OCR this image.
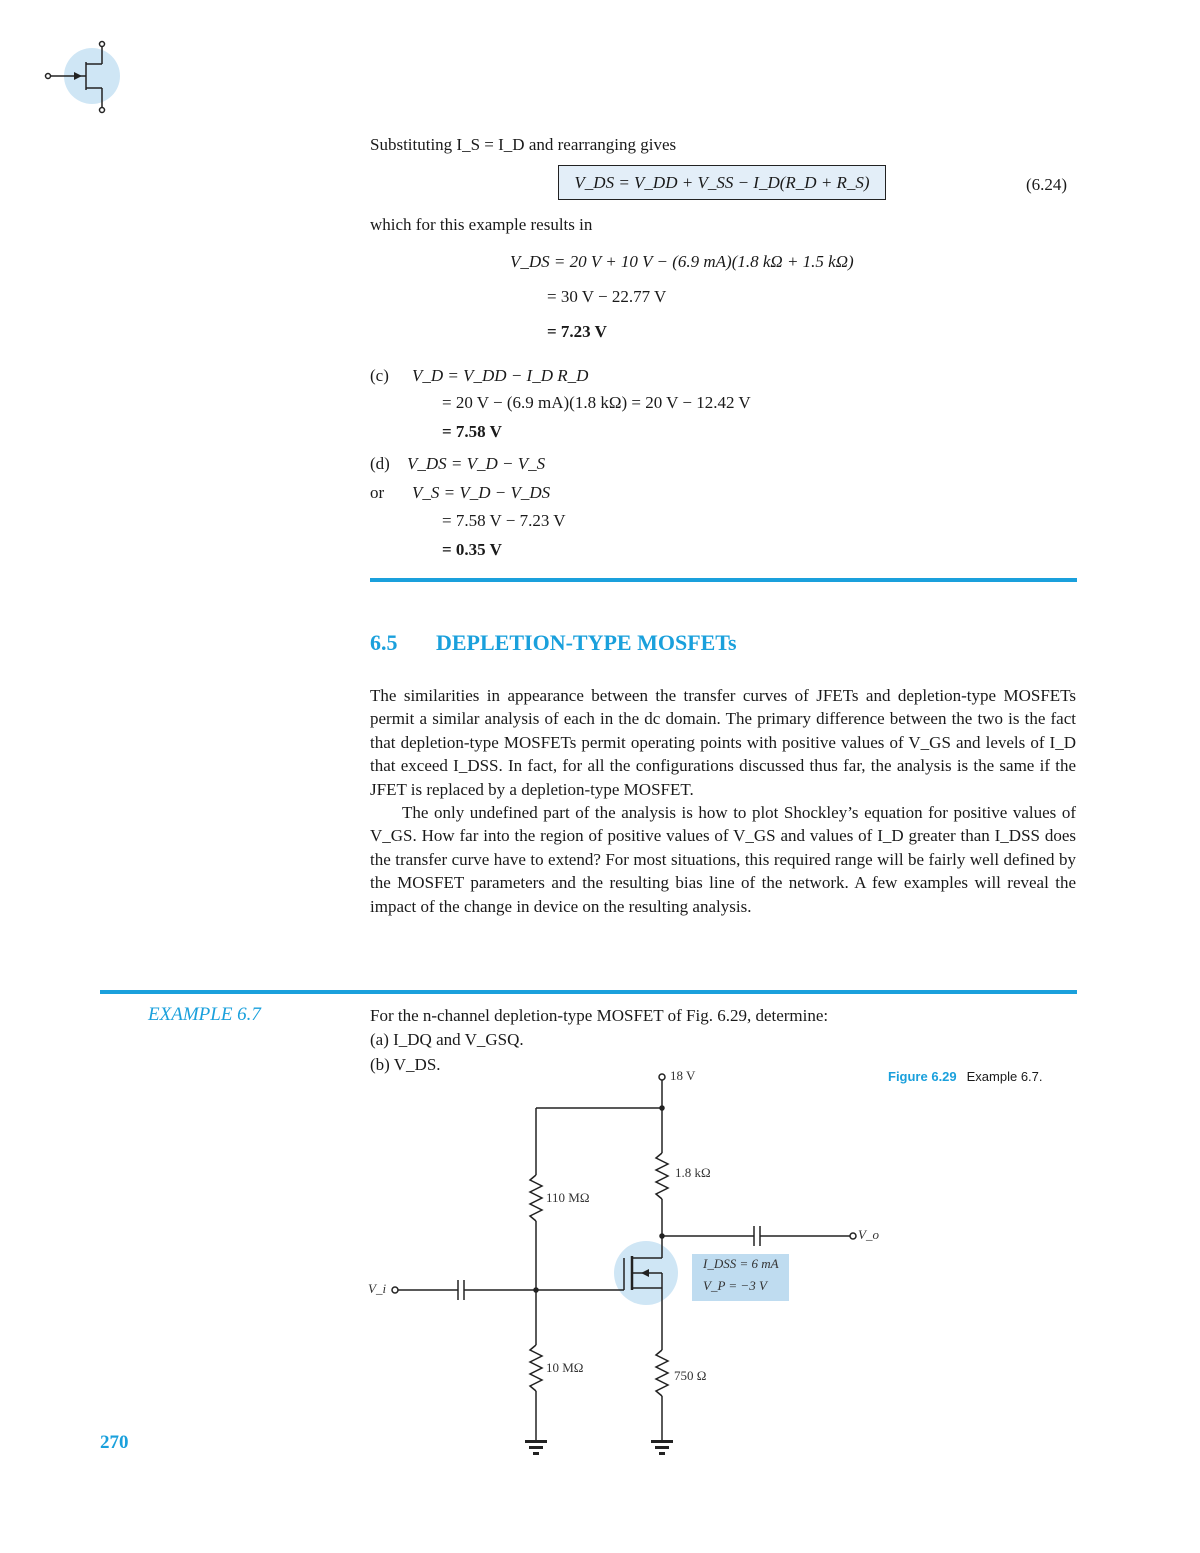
Substituting I_S = I_D and rearranging gives
V_DS = V_DD + V_SS − I_D(R_D + R_S)	(6.24)
which for this example results in
V_DS = 20 V + 10 V − (6.9 mA)(1.8 kΩ + 1.5 kΩ)
= 30 V − 22.77 V
= 7.23 V
(c) V_D = V_DD − I_D R_D
= 20 V − (6.9 mA)(1.8 kΩ) = 20 V − 12.42 V
= 7.58 V
(d) V_DS = V_D − V_S
or V_S = V_D − V_DS
= 7.58 V − 7.23 V
= 0.35 V
6.5 DEPLETION-TYPE MOSFETs

The similarities in appearance between the transfer curves of JFETs and depletion-type MOSFETs permit a similar analysis of each in the dc domain. The primary difference between the two is the fact that depletion-type MOSFETs permit operating points with positive values of V_GS and levels of I_D that exceed I_DSS. In fact, for all the configurations discussed thus far, the analysis is the same if the JFET is replaced by a depletion-type MOSFET.

The only undefined part of the analysis is how to plot Shockley’s equation for positive values of V_GS. How far into the region of positive values of V_GS and values of I_D greater than I_DSS does the transfer curve have to extend? For most situations, this required range will be fairly well defined by the MOSFET parameters and the resulting bias line of the network. A few examples will reveal the impact of the change in device on the resulting analysis.

EXAMPLE 6.7	For the n-channel depletion-type MOSFET of Fig. 6.29, determine:
(a) I_DQ and V_GSQ.
(b) V_DS.
Figure 6.29 Example 6.7.
18 V
1.8 kΩ
110 MΩ
10 MΩ
750 Ω
V_o
V_i
I_DSS = 6 mA
V_P = −3 V
270
